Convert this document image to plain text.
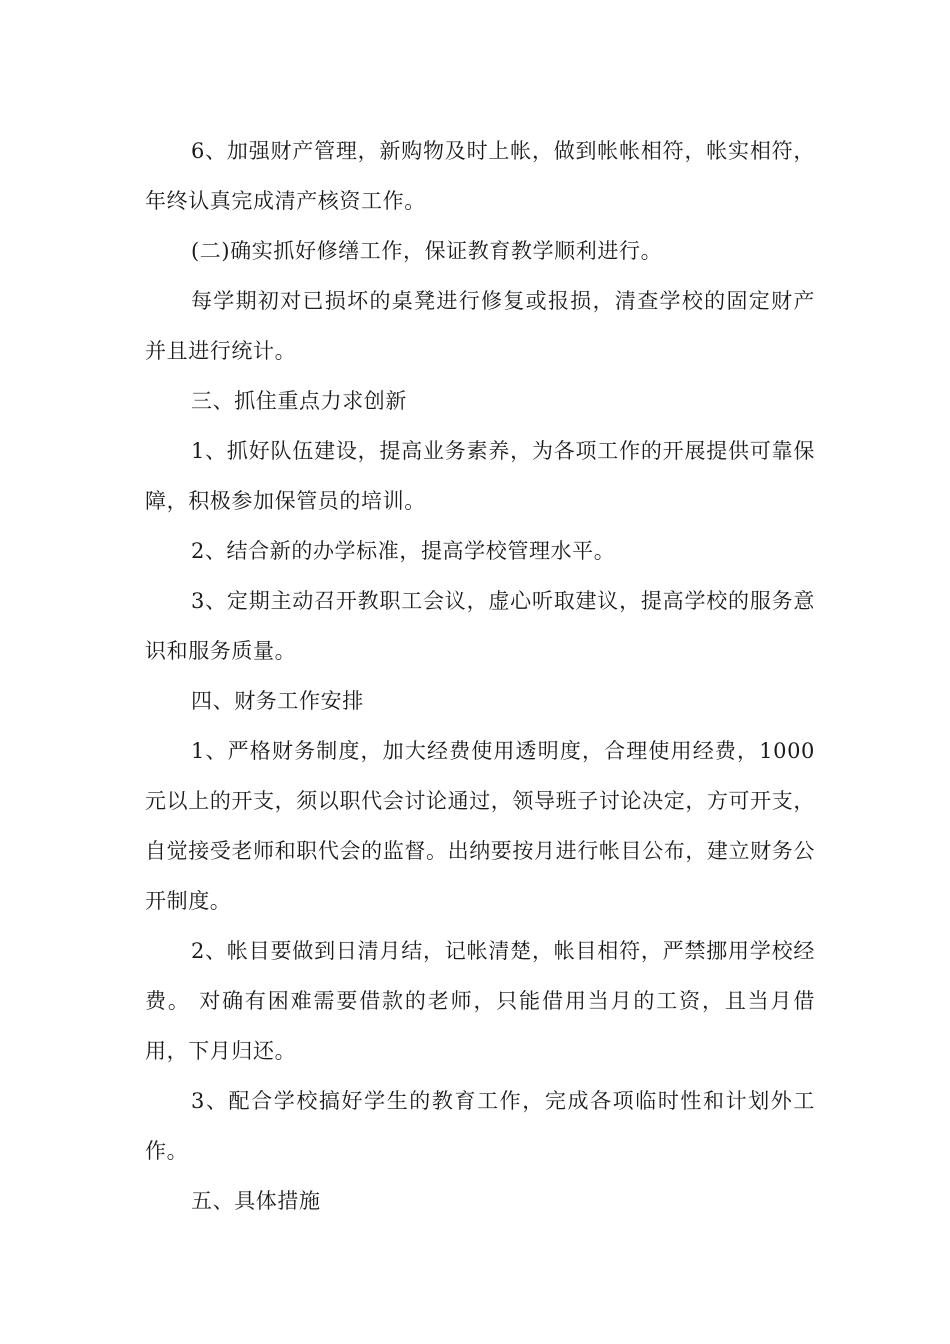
6、加强财产管理，新购物及时上帐，做到帐帐相符，帐实相符，年终认真完成清产核资工作。

(二)确实抓好修缮工作，保证教育教学顺利进行。

每学期初对已损坏的桌凳进行修复或报损，清查学校的固定财产并且进行统计。

三、抓住重点力求创新

1、抓好队伍建设，提高业务素养，为各项工作的开展提供可靠保障，积极参加保管员的培训。

2、结合新的办学标准，提高学校管理水平。

3、定期主动召开教职工会议，虚心听取建议，提高学校的服务意识和服务质量。

四、财务工作安排

1、严格财务制度，加大经费使用透明度，合理使用经费，1000元以上的开支，须以职代会讨论通过，领导班子讨论决定，方可开支，自觉接受老师和职代会的监督。出纳要按月进行帐目公布，建立财务公开制度。

2、帐目要做到日清月结，记帐清楚，帐目相符，严禁挪用学校经费。 对确有困难需要借款的老师，只能借用当月的工资，且当月借用，下月归还。

3、配合学校搞好学生的教育工作，完成各项临时性和计划外工作。

五、具体措施
